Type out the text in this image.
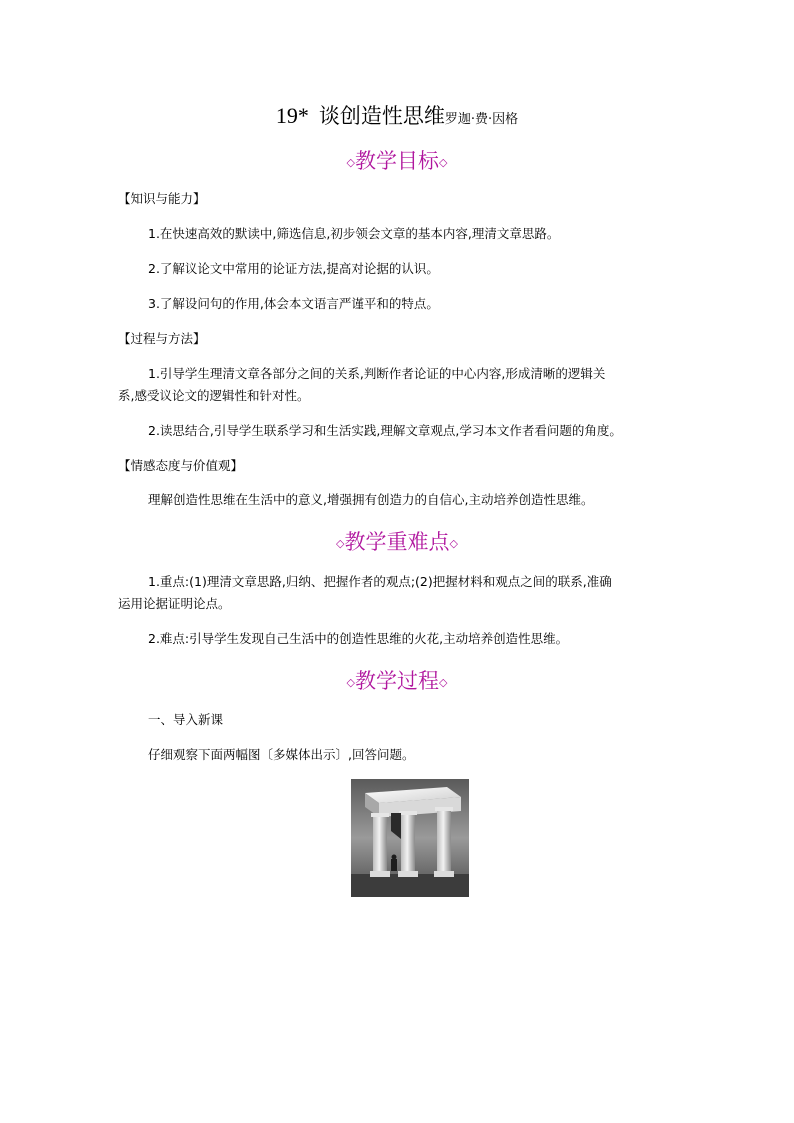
19* 谈创造性思维罗迦·费·因格
◇教学目标◇
【知识与能力】
1.在快速高效的默读中,筛选信息,初步领会文章的基本内容,理清文章思路。
2.了解议论文中常用的论证方法,提高对论据的认识。
3.了解设问句的作用,体会本文语言严谨平和的特点。
【过程与方法】
1.引导学生理清文章各部分之间的关系,判断作者论证的中心内容,形成清晰的逻辑关
系,感受议论文的逻辑性和针对性。
2.读思结合,引导学生联系学习和生活实践,理解文章观点,学习本文作者看问题的角度。
【情感态度与价值观】
理解创造性思维在生活中的意义,增强拥有创造力的自信心,主动培养创造性思维。
◇教学重难点◇
1.重点:(1)理清文章思路,归纳、把握作者的观点;(2)把握材料和观点之间的联系,准确
运用论据证明论点。
2.难点:引导学生发现自己生活中的创造性思维的火花,主动培养创造性思维。
◇教学过程◇
一、导入新课
仔细观察下面两幅图〔多媒体出示〕,回答问题。
